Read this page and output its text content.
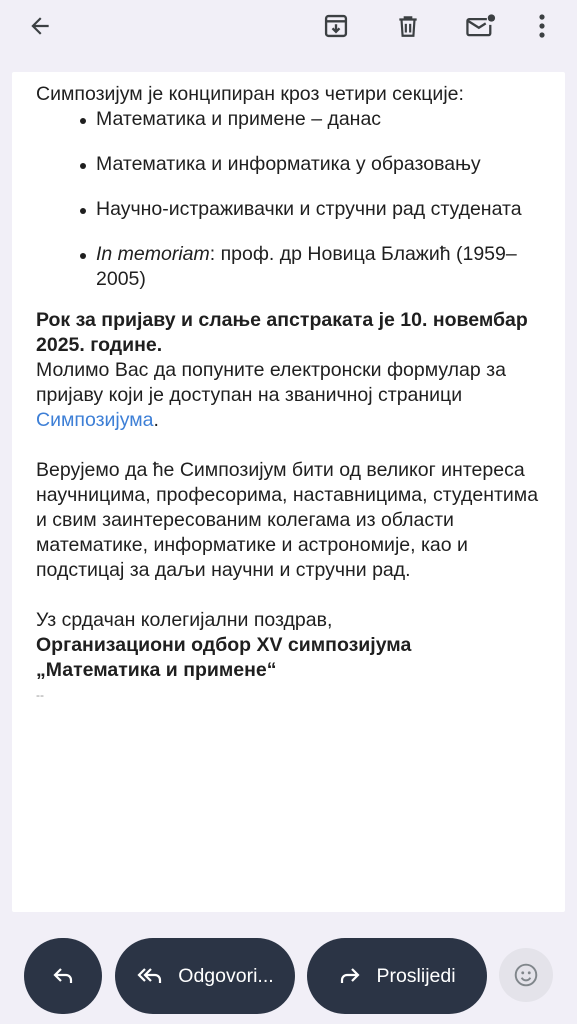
Симпозијум је конципиран кроз четири секције:

Математика и примене – данас
Математика и информатика у образовању
Научно-истраживачки и стручни рад студената
In memoriam: проф. др Новица Блажић (1959–2005)

Рок за пријаву и слање апстраката је 10. новембар 2025. године.
Молимо Вас да попуните електронски формулар за пријаву који је доступан на званичној страници Симпозијума.

Верујемо да ће Симпозијум бити од великог интереса научницима, професорима, наставницима, студентима и свим заинтересованим колегама из области математике, информатике и астрономије, као и подстицај за даљи научни и стручни рад.

Уз срдачан колегијални поздрав,

Организациони одбор XV симпозијума

„Математика и примене“

--

Odgovori...	Proslijedi
